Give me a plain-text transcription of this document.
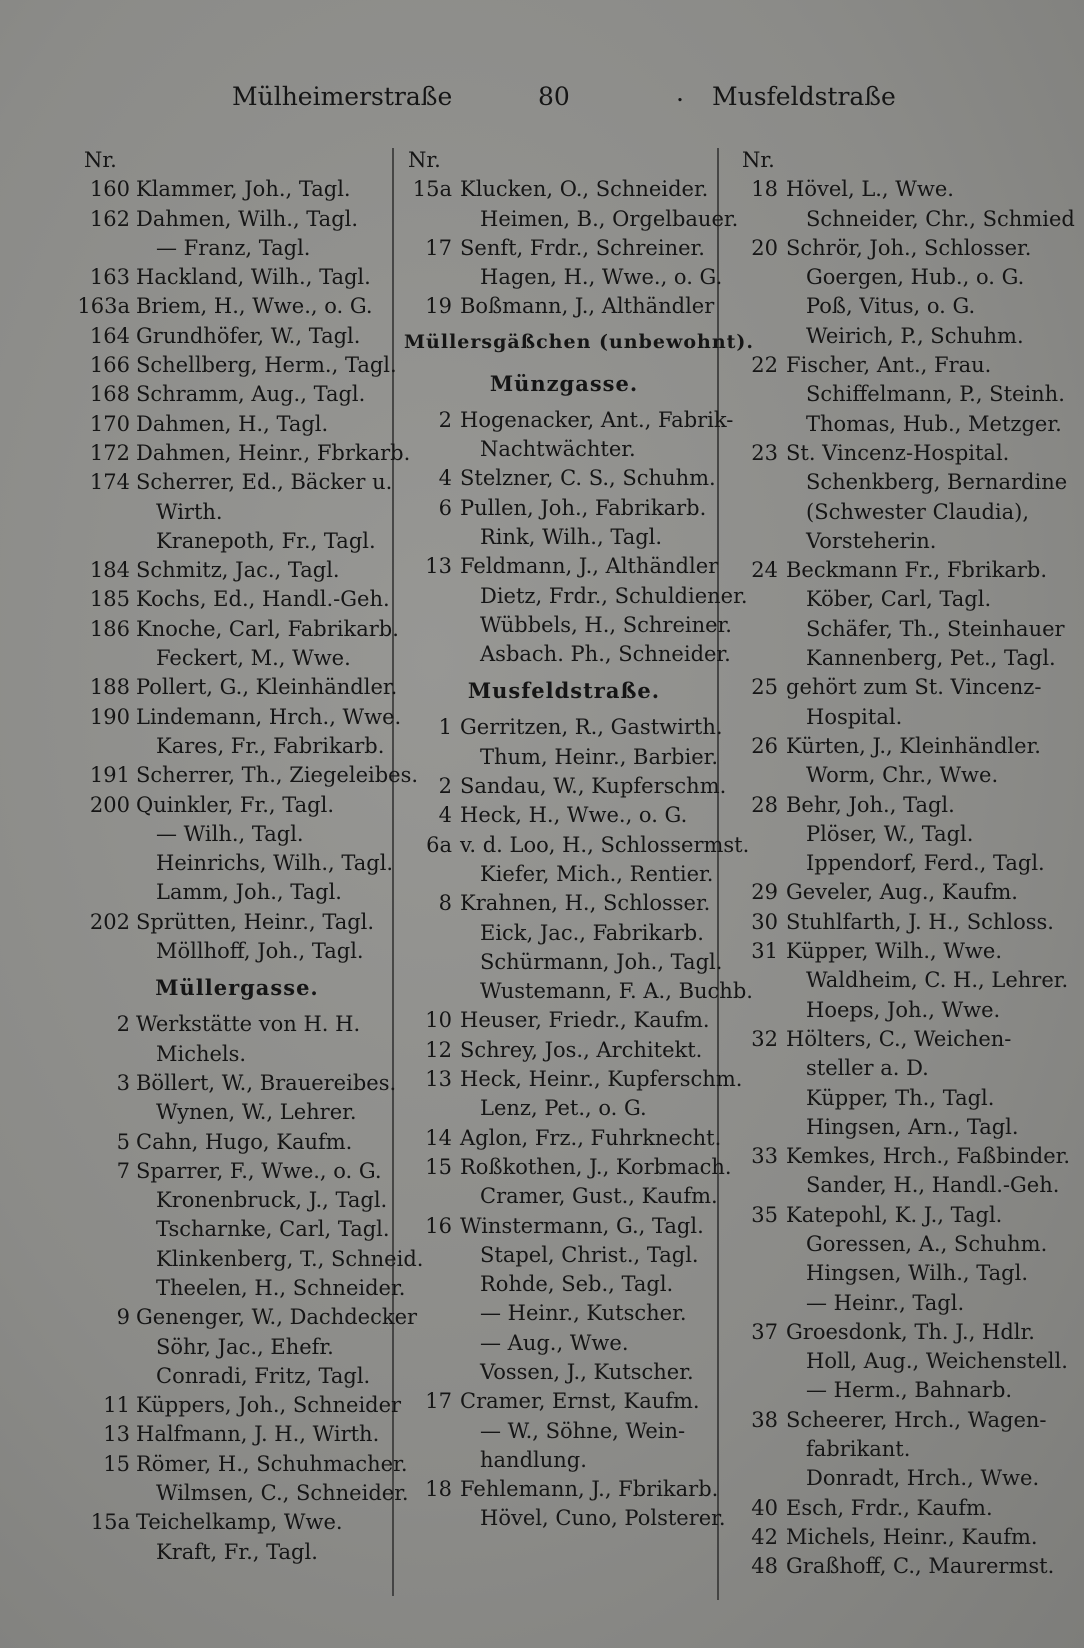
Mülheimerstraße	80	. Musfeldstraße
Nr.
160 Klammer, Joh., Tagl.
162 Dahmen, Wilh., Tagl.
— Franz, Tagl.
163 Hackland, Wilh., Tagl.
163a Briem, H., Wwe., o. G.
164 Grundhöfer, W., Tagl.
166 Schellberg, Herm., Tagl.
168 Schramm, Aug., Tagl.
170 Dahmen, H., Tagl.
172 Dahmen, Heinr., Fbrkarb.
174 Scherrer, Ed., Bäcker u.
Wirth.
Kranepoth, Fr., Tagl.
184 Schmitz, Jac., Tagl.
185 Kochs, Ed., Handl.-Geh.
186 Knoche, Carl, Fabrikarb.
Feckert, M., Wwe.
188 Pollert, G., Kleinhändler.
190 Lindemann, Hrch., Wwe.
Kares, Fr., Fabrikarb.
191 Scherrer, Th., Ziegeleibes.
200 Quinkler, Fr., Tagl.
— Wilh., Tagl.
Heinrichs, Wilh., Tagl.
Lamm, Joh., Tagl.
202 Sprütten, Heinr., Tagl.
Möllhoff, Joh., Tagl.
Müllergasse.
2 Werkstätte von H. H.
Michels.
3 Böllert, W., Brauereibes.
Wynen, W., Lehrer.
5 Cahn, Hugo, Kaufm.
7 Sparrer, F., Wwe., o. G.
Kronenbruck, J., Tagl.
Tscharnke, Carl, Tagl.
Klinkenberg, T., Schneid.
Theelen, H., Schneider.
9 Genenger, W., Dachdecker
Söhr, Jac., Ehefr.
Conradi, Fritz, Tagl.
11 Küppers, Joh., Schneider
13 Halfmann, J. H., Wirth.
15 Römer, H., Schuhmacher.
Wilmsen, C., Schneider.
15a Teichelkamp, Wwe.
Kraft, Fr., Tagl.
Nr.
15a Klucken, O., Schneider.
Heimen, B., Orgelbauer.
17 Senft, Frdr., Schreiner.
Hagen, H., Wwe., o. G.
19 Boßmann, J., Althändler
Müllersgäßchen (unbewohnt).
Münzgasse.
2 Hogenacker, Ant., Fabrik-
Nachtwächter.
4 Stelzner, C. S., Schuhm.
6 Pullen, Joh., Fabrikarb.
Rink, Wilh., Tagl.
13 Feldmann, J., Althändler
Dietz, Frdr., Schuldiener.
Wübbels, H., Schreiner.
Asbach. Ph., Schneider.
Musfeldstraße.
1 Gerritzen, R., Gastwirth.
Thum, Heinr., Barbier.
2 Sandau, W., Kupferschm.
4 Heck, H., Wwe., o. G.
6a v. d. Loo, H., Schlossermst.
Kiefer, Mich., Rentier.
8 Krahnen, H., Schlosser.
Eick, Jac., Fabrikarb.
Schürmann, Joh., Tagl.
Wustemann, F. A., Buchb.
10 Heuser, Friedr., Kaufm.
12 Schrey, Jos., Architekt.
13 Heck, Heinr., Kupferschm.
Lenz, Pet., o. G.
14 Aglon, Frz., Fuhrknecht.
15 Roßkothen, J., Korbmach.
Cramer, Gust., Kaufm.
16 Winstermann, G., Tagl.
Stapel, Christ., Tagl.
Rohde, Seb., Tagl.
— Heinr., Kutscher.
— Aug., Wwe.
Vossen, J., Kutscher.
17 Cramer, Ernst, Kaufm.
— W., Söhne, Wein-
handlung.
18 Fehlemann, J., Fbrikarb.
Hövel, Cuno, Polsterer.
Nr.
18 Hövel, L., Wwe.
Schneider, Chr., Schmied
20 Schrör, Joh., Schlosser.
Goergen, Hub., o. G.
Poß, Vitus, o. G.
Weirich, P., Schuhm.
22 Fischer, Ant., Frau.
Schiffelmann, P., Steinh.
Thomas, Hub., Metzger.
23 St. Vincenz-Hospital.
Schenkberg, Bernardine
(Schwester Claudia),
Vorsteherin.
24 Beckmann Fr., Fbrikarb.
Köber, Carl, Tagl.
Schäfer, Th., Steinhauer
Kannenberg, Pet., Tagl.
25 gehört zum St. Vincenz-
Hospital.
26 Kürten, J., Kleinhändler.
Worm, Chr., Wwe.
28 Behr, Joh., Tagl.
Plöser, W., Tagl.
Ippendorf, Ferd., Tagl.
29 Geveler, Aug., Kaufm.
30 Stuhlfarth, J. H., Schloss.
31 Küpper, Wilh., Wwe.
Waldheim, C. H., Lehrer.
Hoeps, Joh., Wwe.
32 Hölters, C., Weichen-
steller a. D.
Küpper, Th., Tagl.
Hingsen, Arn., Tagl.
33 Kemkes, Hrch., Faßbinder.
Sander, H., Handl.-Geh.
35 Katepohl, K. J., Tagl.
Goressen, A., Schuhm.
Hingsen, Wilh., Tagl.
— Heinr., Tagl.
37 Groesdonk, Th. J., Hdlr.
Holl, Aug., Weichenstell.
— Herm., Bahnarb.
38 Scheerer, Hrch., Wagen-
fabrikant.
Donradt, Hrch., Wwe.
40 Esch, Frdr., Kaufm.
42 Michels, Heinr., Kaufm.
48 Graßhoff, C., Maurermst.
